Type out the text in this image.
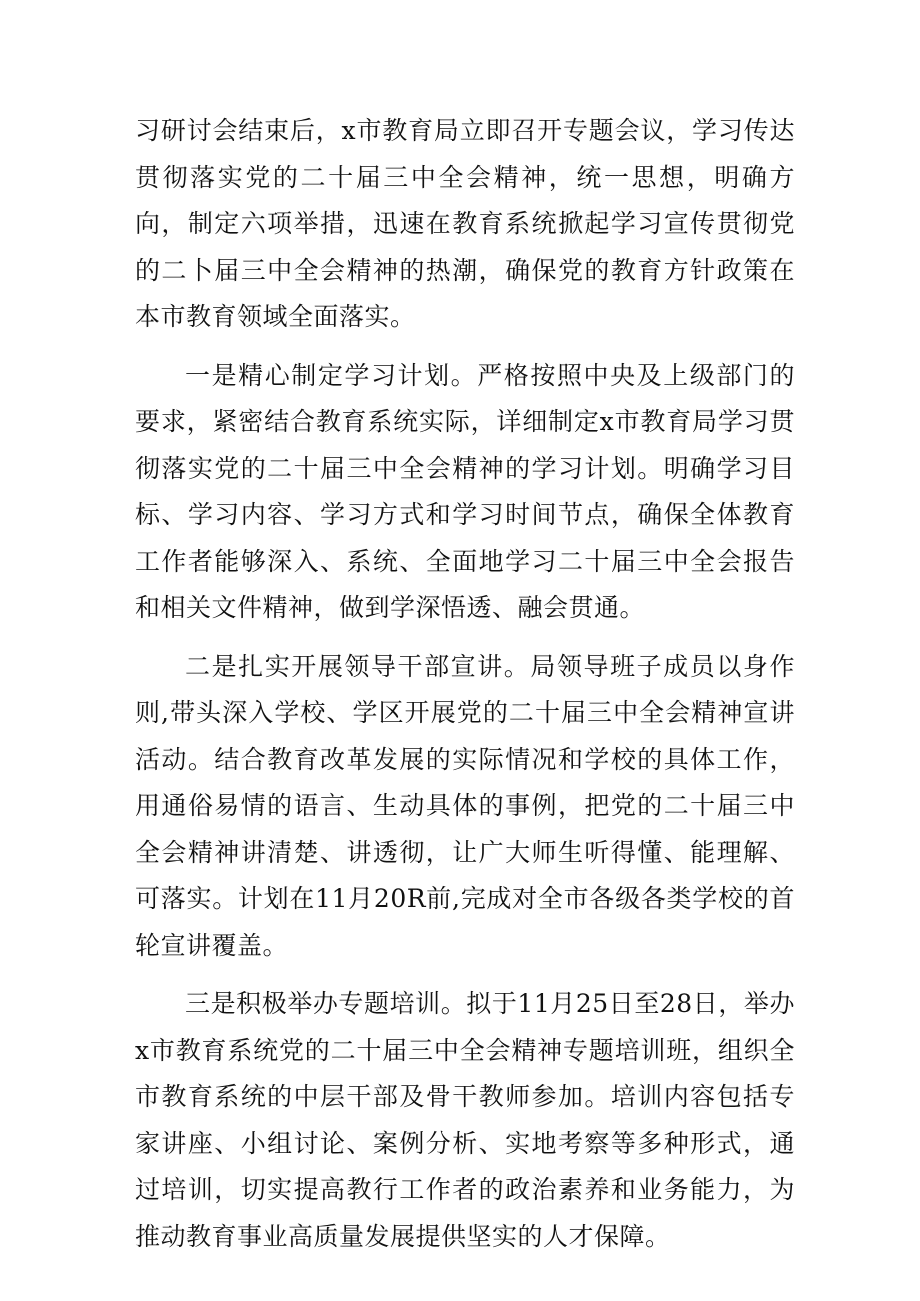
习研讨会结束后，x市教育局立即召开专题会议，学习传达贯彻落实党的二十届三中全会精神，统一思想，明确方向，制定六项举措，迅速在教育系统掀起学习宣传贯彻党的二卜届三中全会精神的热潮，确保党的教育方针政策在本市教育领域全面落实。

一是精心制定学习计划。严格按照中央及上级部门的要求，紧密结合教育系统实际，详细制定x市教育局学习贯彻落实党的二十届三中全会精神的学习计划。明确学习目标、学习内容、学习方式和学习时间节点，确保全体教育工作者能够深入、系统、全面地学习二十届三中全会报告和相关文件精神，做到学深悟透、融会贯通。

二是扎实开展领导干部宣讲。局领导班子成员以身作则,带头深入学校、学区开展党的二十届三中全会精神宣讲活动。结合教育改革发展的实际情况和学校的具体工作，用通俗易情的语言、生动具体的事例，把党的二十届三中全会精神讲清楚、讲透彻，让广大师生听得懂、能理解、可落实。计划在11月20R前,完成对全市各级各类学校的首轮宣讲覆盖。

三是积极举办专题培训。拟于11月25日至28日，举办x市教育系统党的二十届三中全会精神专题培训班，组织全市教育系统的中层干部及骨干教师参加。培训内容包括专家讲座、小组讨论、案例分析、实地考察等多种形式，通过培训，切实提高教行工作者的政治素养和业务能力，为推动教育事业高质量发展提供坚实的人才保障。
